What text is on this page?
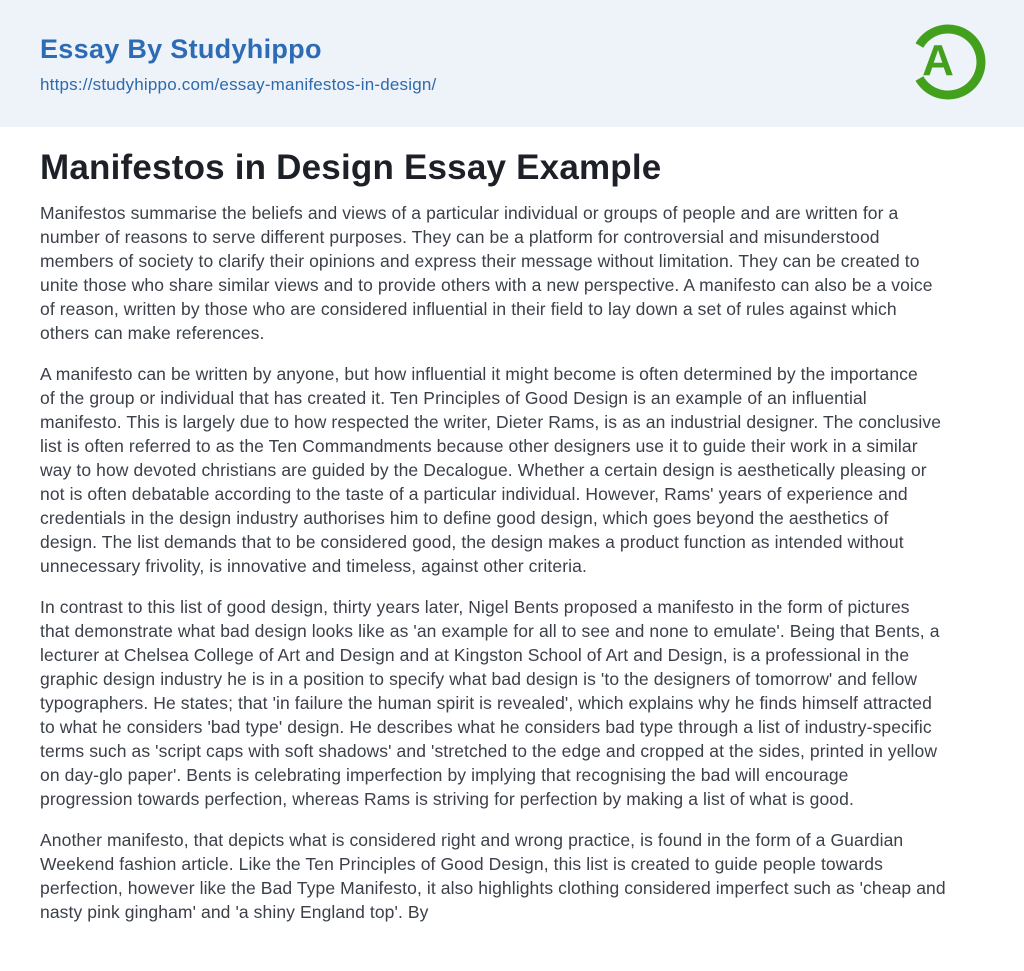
Essay By Studyhippo
https://studyhippo.com/essay-manifestos-in-design/	A
Manifestos in Design Essay Example

Manifestos summarise the beliefs and views of a particular individual or groups of people and are written for a
number of reasons to serve different purposes. They can be a platform for controversial and misunderstood
members of society to clarify their opinions and express their message without limitation. They can be created to
unite those who share similar views and to provide others with a new perspective. A manifesto can also be a voice
of reason, written by those who are considered influential in their field to lay down a set of rules against which
others can make references.

A manifesto can be written by anyone, but how influential it might become is often determined by the importance
of the group or individual that has created it. Ten Principles of Good Design is an example of an influential
manifesto. This is largely due to how respected the writer, Dieter Rams, is as an industrial designer. The conclusive
list is often referred to as the Ten Commandments because other designers use it to guide their work in a similar
way to how devoted christians are guided by the Decalogue. Whether a certain design is aesthetically pleasing or
not is often debatable according to the taste of a particular individual. However, Rams' years of experience and
credentials in the design industry authorises him to define good design, which goes beyond the aesthetics of
design. The list demands that to be considered good, the design makes a product function as intended without
unnecessary frivolity, is innovative and timeless, against other criteria.

In contrast to this list of good design, thirty years later, Nigel Bents proposed a manifesto in the form of pictures
that demonstrate what bad design looks like as 'an example for all to see and none to emulate'. Being that Bents, a
lecturer at Chelsea College of Art and Design and at Kingston School of Art and Design, is a professional in the
graphic design industry he is in a position to specify what bad design is 'to the designers of tomorrow' and fellow
typographers. He states; that 'in failure the human spirit is revealed', which explains why he finds himself attracted
to what he considers 'bad type' design. He describes what he considers bad type through a list of industry-specific
terms such as 'script caps with soft shadows' and 'stretched to the edge and cropped at the sides, printed in yellow
on day-glo paper'. Bents is celebrating imperfection by implying that recognising the bad will encourage
progression towards perfection, whereas Rams is striving for perfection by making a list of what is good.

Another manifesto, that depicts what is considered right and wrong practice, is found in the form of a Guardian
Weekend fashion article. Like the Ten Principles of Good Design, this list is created to guide people towards
perfection, however like the Bad Type Manifesto, it also highlights clothing considered imperfect such as 'cheap and
nasty pink gingham' and 'a shiny England top'. By
